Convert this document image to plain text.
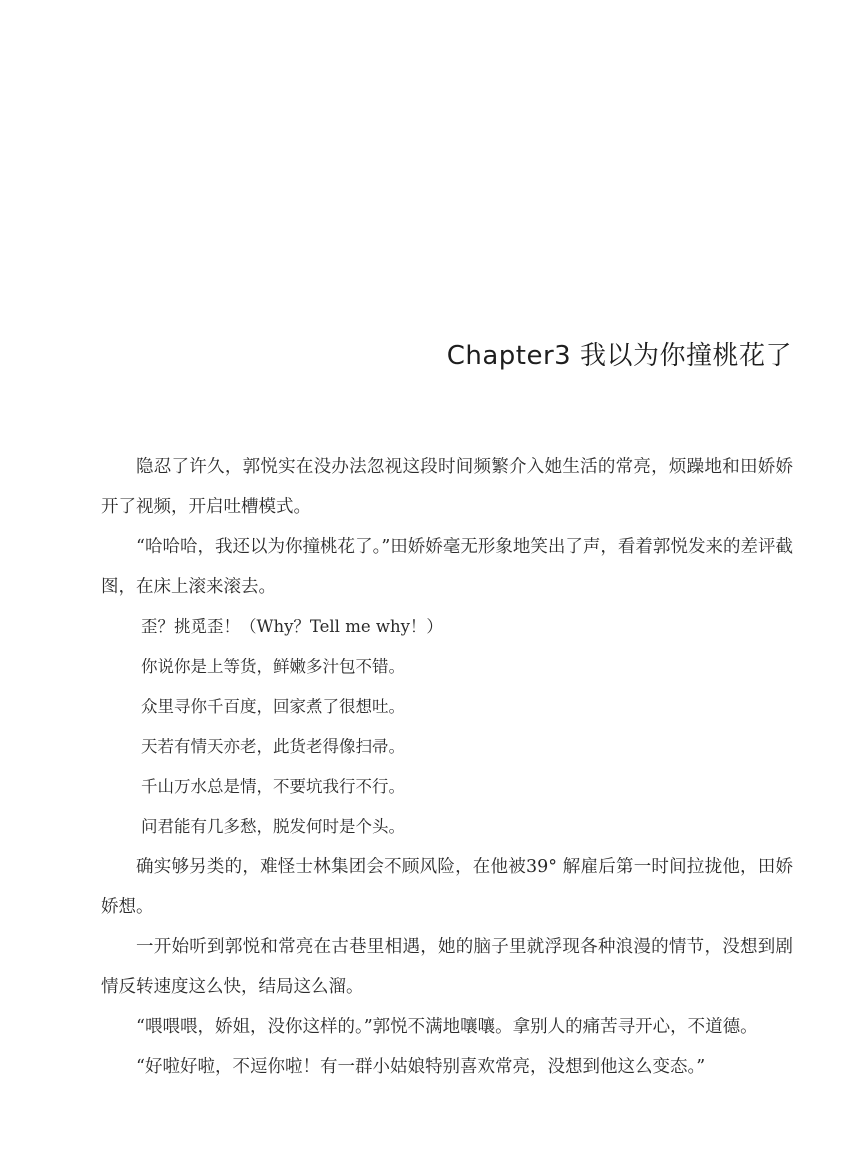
Chapter3 我以为你撞桃花了

隐忍了许久，郭悦实在没办法忽视这段时间频繁介入她生活的常亮，烦躁地和田娇娇开了视频，开启吐槽模式。

“哈哈哈，我还以为你撞桃花了。”田娇娇毫无形象地笑出了声，看着郭悦发来的差评截图，在床上滚来滚去。

歪？挑觅歪！（Why？Tell me why！）

你说你是上等货，鲜嫩多汁包不错。

众里寻你千百度，回家煮了很想吐。

天若有情天亦老，此货老得像扫帚。

千山万水总是情，不要坑我行不行。

问君能有几多愁，脱发何时是个头。

确实够另类的，难怪士林集团会不顾风险，在他被39° 解雇后第一时间拉拢他，田娇娇想。

一开始听到郭悦和常亮在古巷里相遇，她的脑子里就浮现各种浪漫的情节，没想到剧情反转速度这么快，结局这么溜。

“喂喂喂，娇姐，没你这样的。”郭悦不满地嚷嚷。拿别人的痛苦寻开心，不道德。

“好啦好啦，不逗你啦！有一群小姑娘特别喜欢常亮，没想到他这么变态。”
